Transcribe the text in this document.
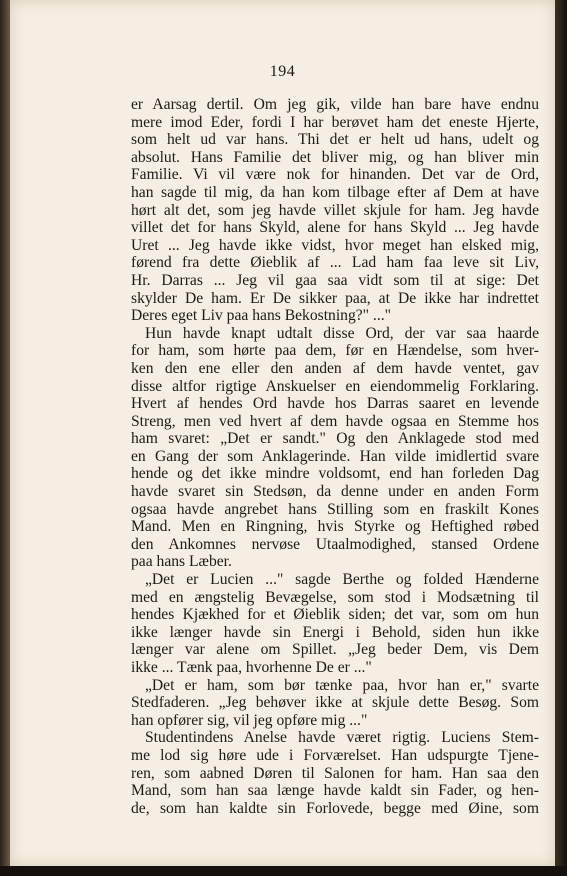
194
er Aarsag dertil. Om jeg gik, vilde han bare have endnu
mere imod Eder, fordi I har berøvet ham det eneste Hjerte,
som helt ud var hans. Thi det er helt ud hans, udelt og
absolut. Hans Familie det bliver mig, og han bliver min
Familie. Vi vil være nok for hinanden. Det var de Ord,
han sagde til mig, da han kom tilbage efter af Dem at have
hørt alt det, som jeg havde villet skjule for ham. Jeg havde
villet det for hans Skyld, alene for hans Skyld ... Jeg havde
Uret ... Jeg havde ikke vidst, hvor meget han elsked mig,
førend fra dette Øieblik af ... Lad ham faa leve sit Liv,
Hr. Darras ... Jeg vil gaa saa vidt som til at sige: Det
skylder De ham. Er De sikker paa, at De ikke har indrettet
Deres eget Liv paa hans Bekostning?" ..."
Hun havde knapt udtalt disse Ord, der var saa haarde
for ham, som hørte paa dem, før en Hændelse, som hver-
ken den ene eller den anden af dem havde ventet, gav
disse altfor rigtige Anskuelser en eiendommelig Forklaring.
Hvert af hendes Ord havde hos Darras saaret en levende
Streng, men ved hvert af dem havde ogsaa en Stemme hos
ham svaret: „Det er sandt." Og den Anklagede stod med
en Gang der som Anklagerinde. Han vilde imidlertid svare
hende og det ikke mindre voldsomt, end han forleden Dag
havde svaret sin Stedsøn, da denne under en anden Form
ogsaa havde angrebet hans Stilling som en fraskilt Kones
Mand. Men en Ringning, hvis Styrke og Heftighed røbed
den Ankomnes nervøse Utaalmodighed, stansed Ordene
paa hans Læber.
„Det er Lucien ..." sagde Berthe og folded Hænderne
med en ængstelig Bevægelse, som stod i Modsætning til
hendes Kjækhed for et Øieblik siden; det var, som om hun
ikke længer havde sin Energi i Behold, siden hun ikke
længer var alene om Spillet. „Jeg beder Dem, vis Dem
ikke ... Tænk paa, hvorhenne De er ..."
„Det er ham, som bør tænke paa, hvor han er," svarte
Stedfaderen. „Jeg behøver ikke at skjule dette Besøg. Som
han opfører sig, vil jeg opføre mig ..."
Studentindens Anelse havde været rigtig. Luciens Stem-
me lod sig høre ude i Forværelset. Han udspurgte Tjene-
ren, som aabned Døren til Salonen for ham. Han saa den
Mand, som han saa længe havde kaldt sin Fader, og hen-
de, som han kaldte sin Forlovede, begge med Øine, som
